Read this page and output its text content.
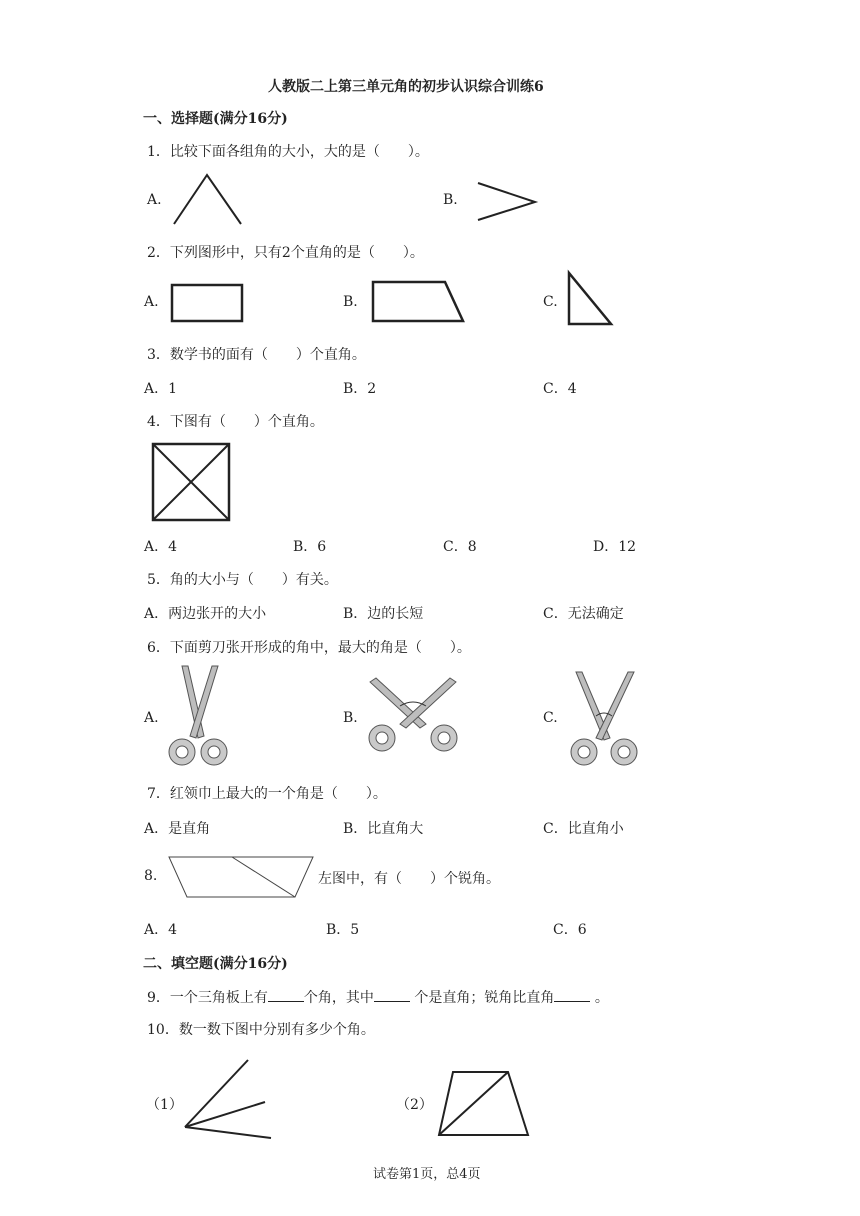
人教版二上第三单元角的初步认识综合训练6
一、选择题(满分16分)
1．比较下面各组角的大小，大的是（　　）。
A.	B.
2．下列图形中，只有2个直角的是（　　）。
A.	B.	C.
3．数学书的面有（　　）个直角。
A．1	B．2	C．4
4．下图有（　　）个直角。
A．4	B．6	C．8	D．12
5．角的大小与（　　）有关。
A．两边张开的大小	B．边的长短	C．无法确定
6．下面剪刀张开形成的角中，最大的角是（　　）。
A.	B.	C.
7．红领巾上最大的一个角是（　　）。
A．是直角	B．比直角大	C．比直角小
8.	左图中，有（　　）个锐角。
A．4	B．5	C．6
二、填空题(满分16分)
9．一个三角板上有	个角，其中	个是直角；锐角比直角	。
10．数一数下图中分别有多少个角。
（1）	（2）
试卷第1页，总4页
